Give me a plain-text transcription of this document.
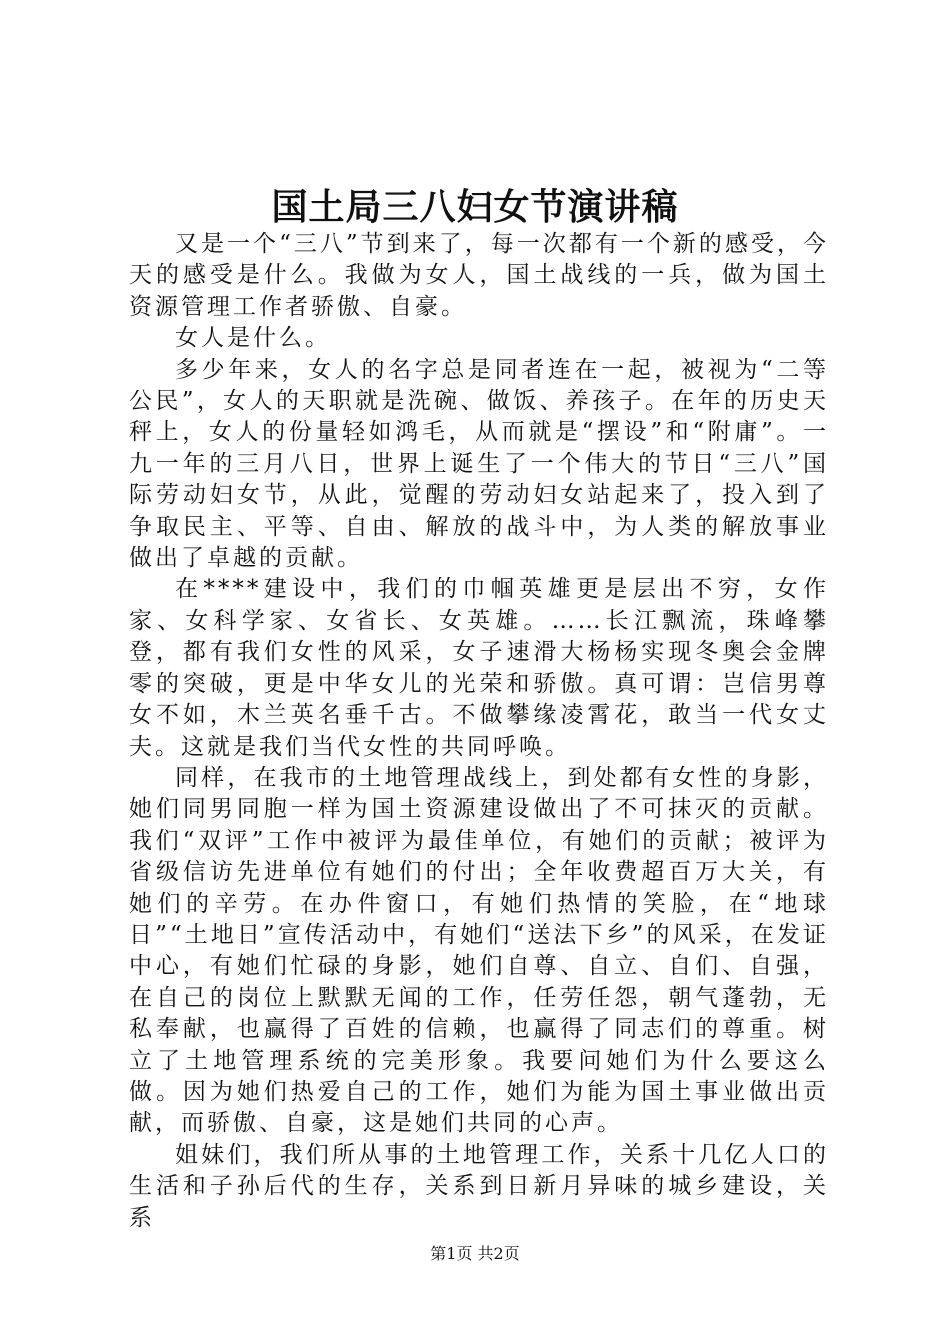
国土局三八妇女节演讲稿

又是一个“三八”节到来了，每一次都有一个新的感受，今天的感受是什么。我做为女人，国土战线的一兵，做为国土资源管理工作者骄傲、自豪。

女人是什么。

多少年来，女人的名字总是同者连在一起，被视为“二等公民”，女人的天职就是洗碗、做饭、养孩子。在年的历史天秤上，女人的份量轻如鸿毛，从而就是“摆设”和“附庸”。一九一年的三月八日，世界上诞生了一个伟大的节日“三八”国际劳动妇女节，从此，觉醒的劳动妇女站起来了，投入到了争取民主、平等、自由、解放的战斗中，为人类的解放事业做出了卓越的贡献。

在****建设中，我们的巾帼英雄更是层出不穷，女作家、女科学家、女省长、女英雄。……长江飘流，珠峰攀登，都有我们女性的风采，女子速滑大杨杨实现冬奥会金牌零的突破，更是中华女儿的光荣和骄傲。真可谓：岂信男尊女不如，木兰英名垂千古。不做攀缘凌霄花，敢当一代女丈夫。这就是我们当代女性的共同呼唤。

同样，在我市的土地管理战线上，到处都有女性的身影，她们同男同胞一样为国土资源建设做出了不可抹灭的贡献。我们“双评”工作中被评为最佳单位，有她们的贡献；被评为省级信访先进单位有她们的付出；全年收费超百万大关，有她们的辛劳。在办件窗口，有她们热情的笑脸，在“地球日”“土地日”宣传活动中，有她们“送法下乡”的风采，在发证中心，有她们忙碌的身影，她们自尊、自立、自们、自强，在自己的岗位上默默无闻的工作，任劳任怨，朝气蓬勃，无私奉献，也赢得了百姓的信赖，也赢得了同志们的尊重。树立了土地管理系统的完美形象。我要问她们为什么要这么做。因为她们热爱自己的工作，她们为能为国土事业做出贡献，而骄傲、自豪，这是她们共同的心声。

姐妹们，我们所从事的土地管理工作，关系十几亿人口的生活和子孙后代的生存，关系到日新月异味的城乡建设，关系

第1页 共2页
